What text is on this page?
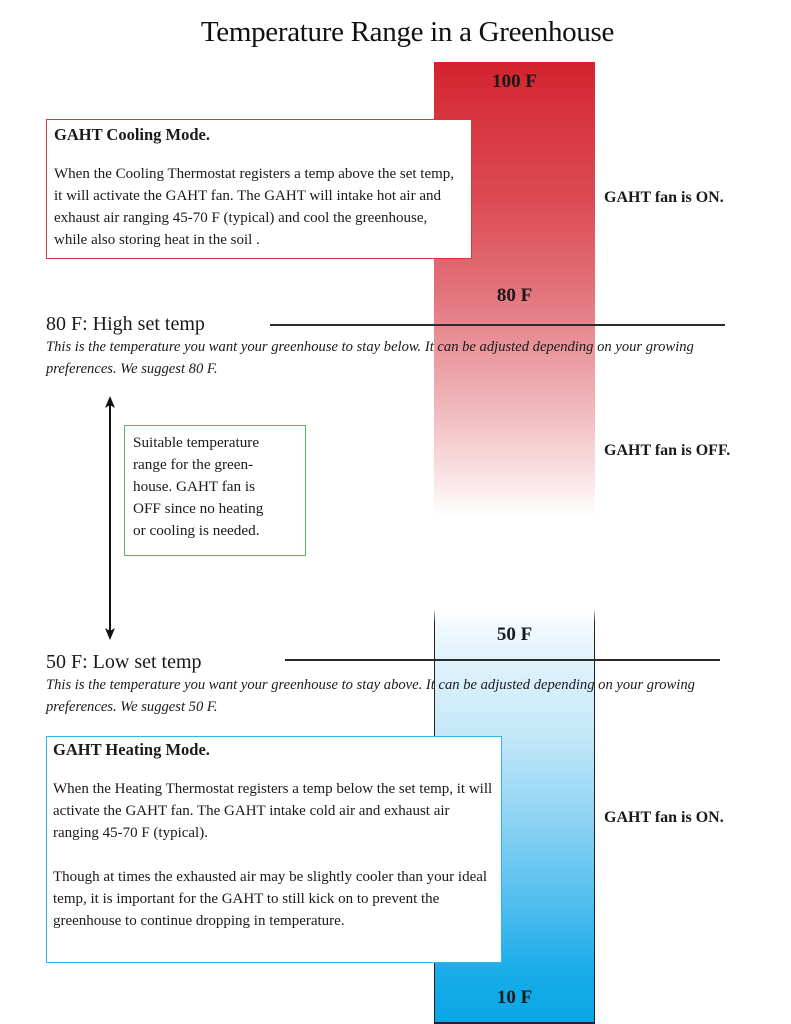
Temperature Range in a Greenhouse
100 F
80 F
50 F
10 F
GAHT fan is ON.
GAHT fan is OFF.
GAHT fan is ON.

GAHT Cooling Mode.

When the Cooling Thermostat registers a temp above the set temp, it will activate the GAHT fan. The GAHT will intake hot air and exhaust air ranging 45-70 F (typical) and cool the greenhouse, while also storing heat in the soil .

80 F: High set temp
This is the temperature you want your greenhouse to stay below. It can be adjusted depending on your growing preferences. We suggest 80 F.
Suitable temperature
range for the green-
house. GAHT fan is
OFF since no heating
or cooling is needed.
50 F: Low set temp
This is the temperature you want your greenhouse to stay above. It can be adjusted depending on your growing preferences. We suggest 50 F.

GAHT Heating Mode.

When the Heating Thermostat registers a temp below the set temp, it will activate the GAHT fan. The GAHT intake cold air and exhaust air ranging 45-70 F (typical).

Though at times the exhausted air may be slightly cooler than your ideal temp, it is important for the GAHT to still kick on to prevent the greenhouse to continue dropping in temperature.
